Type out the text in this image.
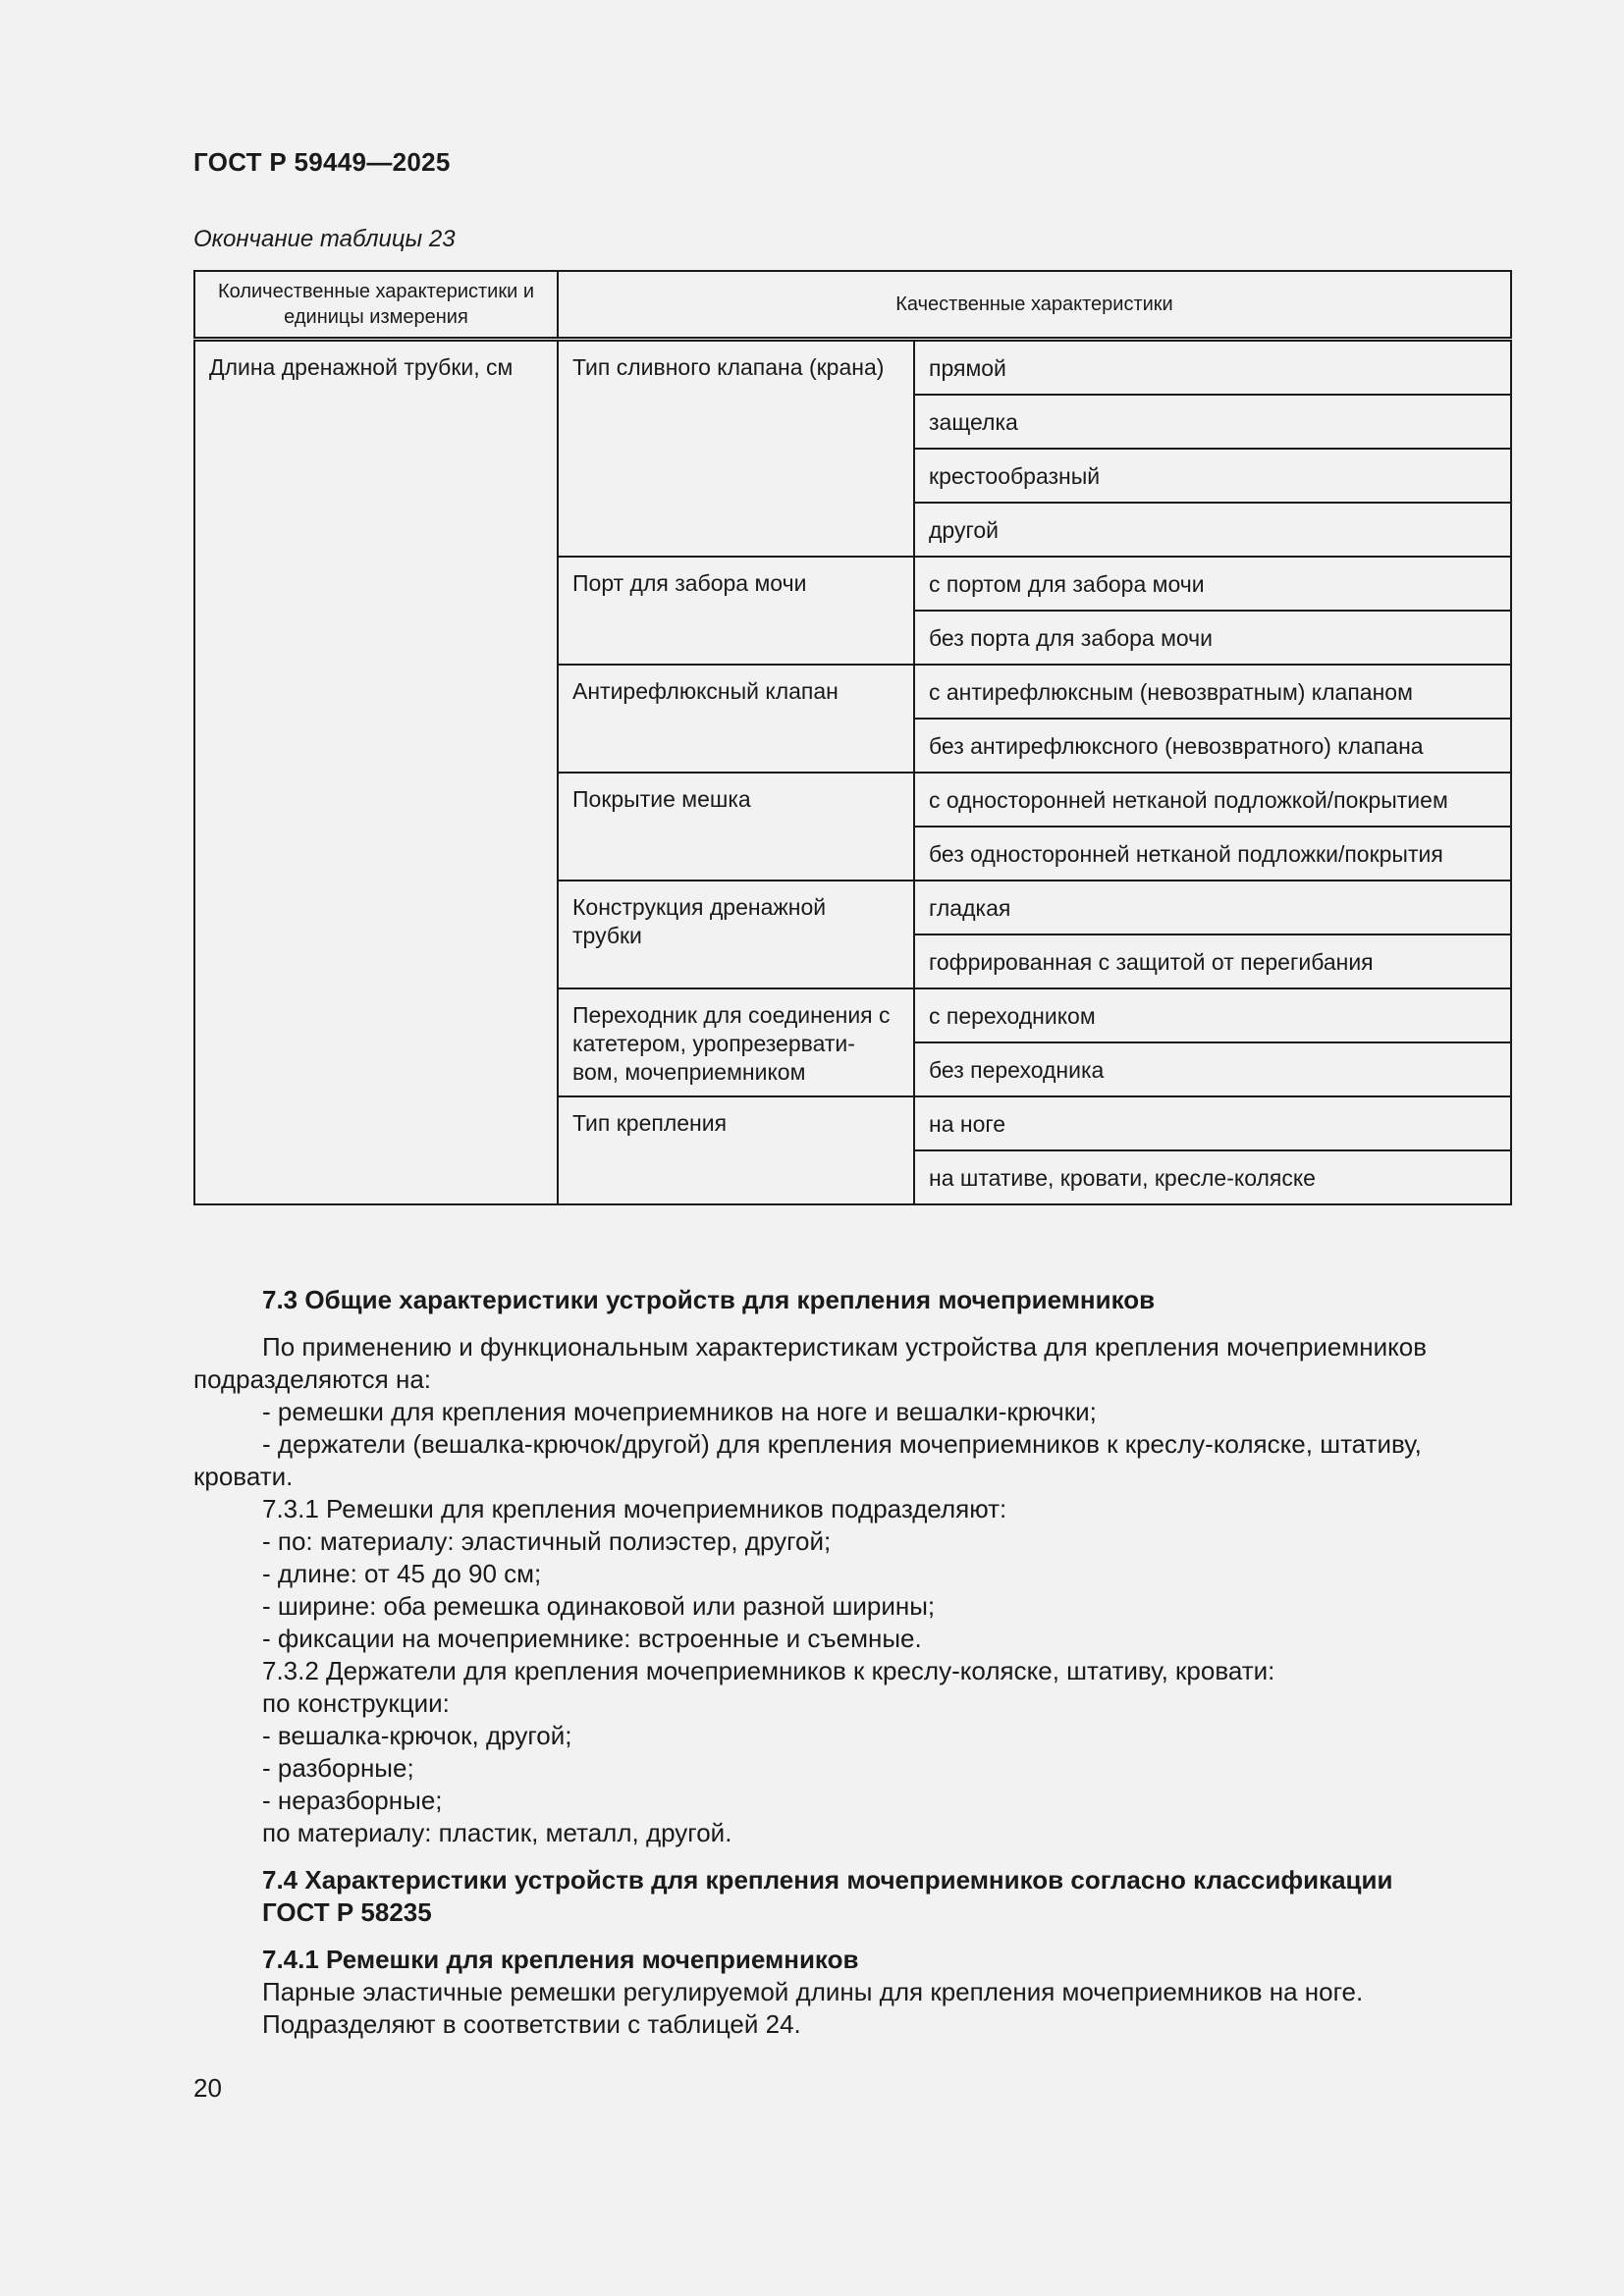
ГОСТ Р 59449—2025
Окончание таблицы 23
Количественные характеристики и единицы измерения	Качественные характеристики	
Длина дренажной трубки, см	Тип сливного клапана (крана)	прямой
		защелка
		крестообразный
		другой
	Порт для забора мочи	с портом для забора мочи
		без порта для забора мочи
	Антирефлюксный клапан	с антирефлюксным (невозвратным) клапаном
		без антирефлюксного (невозвратного) клапана
	Покрытие мешка	с односторонней нетканой подложкой/покрытием
		без односторонней нетканой подложки/покрытия
	Конструкция дренажной трубки	гладкая
		гофрированная с защитой от перегибания
	Переходник для соединения с катетером, уропрезервати-вом, мочеприемником	с переходником
		без переходника
	Тип крепления	на ноге
		на штативе, кровати, кресле-коляске

7.3 Общие характеристики устройств для крепления мочеприемников

По применению и функциональным характеристикам устройства для крепления мочеприемников

подразделяются на:

- ремешки для крепления мочеприемников на ноге и вешалки-крючки;

- держатели (вешалка-крючок/другой) для крепления мочеприемников к креслу-коляске, штативу,

кровати.

7.3.1 Ремешки для крепления мочеприемников подразделяют:

- по: материалу: эластичный полиэстер, другой;

- длине: от 45 до 90 см;

- ширине: оба ремешка одинаковой или разной ширины;

- фиксации на мочеприемнике: встроенные и съемные.

7.3.2 Держатели для крепления мочеприемников к креслу-коляске, штативу, кровати:

по конструкции:

- вешалка-крючок, другой;

- разборные;

- неразборные;

по материалу: пластик, металл, другой.

7.4 Характеристики устройств для крепления мочеприемников согласно классификации

ГОСТ Р 58235

7.4.1 Ремешки для крепления мочеприемников

Парные эластичные ремешки регулируемой длины для крепления мочеприемников на ноге.

Подразделяют в соответствии с таблицей 24.

20
